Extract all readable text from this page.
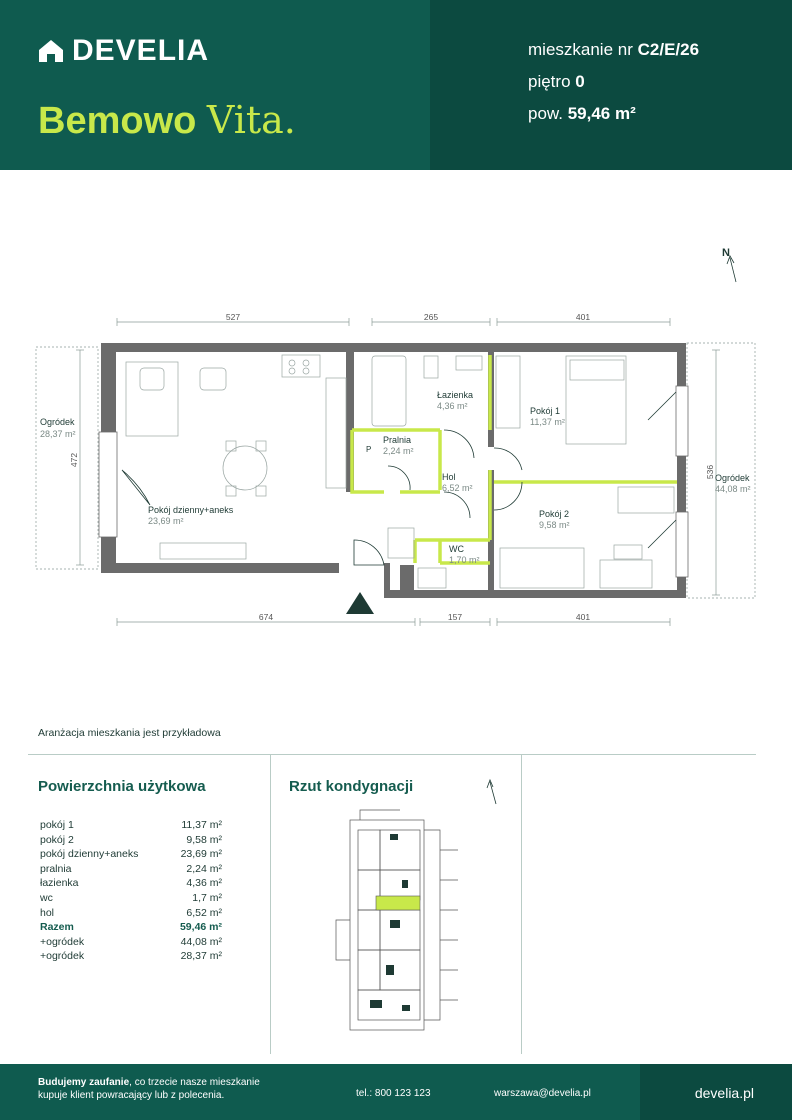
DEVELIA
Bemowo Vita.
mieszkanie nr C2/E/26
piętro 0
pow. 59,46 m²
N
527	265	401
674	157	401
472
536
P
Ogródek
28,37 m²
Łazienka
4,36 m²	Pokój 1
11,37 m²
Pralnia
2,24 m²
Hol
6,52 m²
Ogródek
44,08 m²
Pokój dzienny+aneks
23,69 m²
Pokój 2
9,58 m²
WC
1,70 m²
Aranżacja mieszkania jest przykładowa
Powierzchnia użytkowa
pokój 1	11,37 m²
pokój 2	9,58 m²
pokój dzienny+aneks	23,69 m²
pralnia	2,24 m²
łazienka	4,36 m²
wc	1,7 m²
hol	6,52 m²
Razem	59,46 m²
+ogródek	44,08 m²
+ogródek	28,37 m²
Rzut kondygnacji
Budujemy zaufanie, co trzecie nasze mieszkanie
kupuje klient powracający lub z polecenia.	tel.: 800 123 123	warszawa@develia.pl	develia.pl
